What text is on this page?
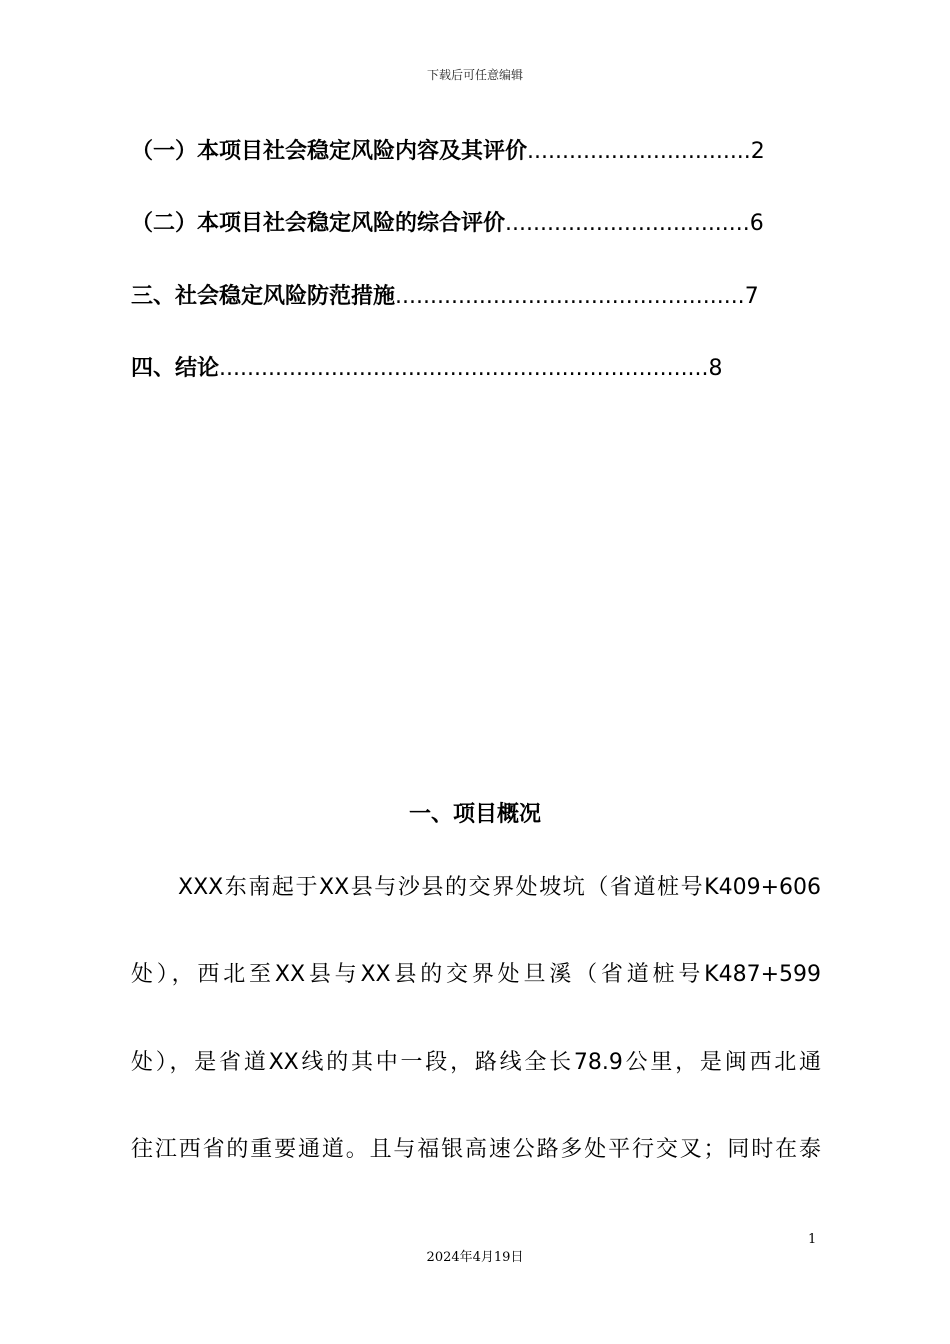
下载后可任意编辑
（一）本项目社会稳定风险内容及其评价 ................................ 2
（二）本项目社会稳定风险的综合评价 ................................... 6
三、社会稳定风险防范措施 .................................................. 7
四、结论 ...................................................................... 8
一、项目概况
XXX东南起于XX县与沙县的交界处坡坑（省道桩号K409+606
处），西北至XX县与XX县的交界处旦溪（省道桩号K487+599
处），是省道XX线的其中一段，路线全长78.9公里，是闽西北通
往江西省的重要通道。且与福银高速公路多处平行交叉；同时在泰
1
2024年4月19日
